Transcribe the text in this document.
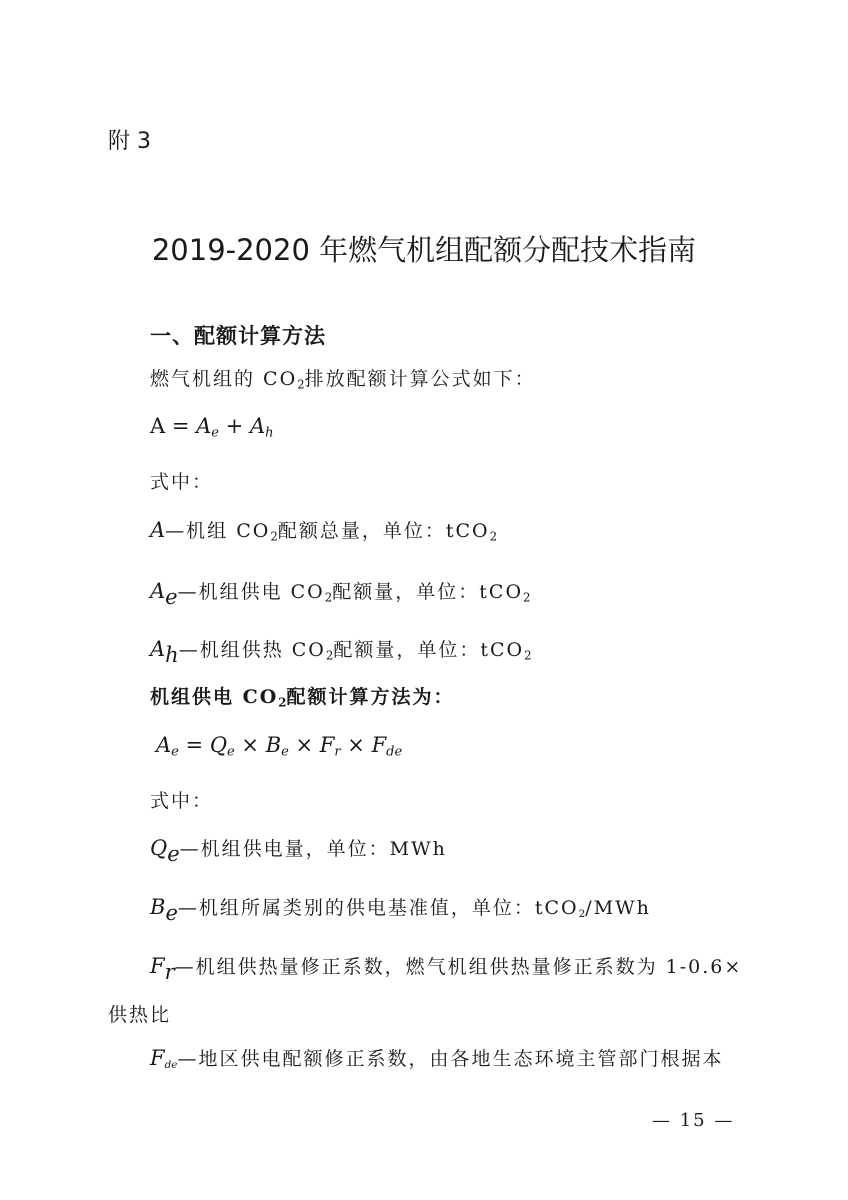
附 3
2019-2020 年燃气机组配额分配技术指南
一、配额计算方法
燃气机组的 $CO_2$排放配额计算公式如下：
$A = A_e + A_h$
式中：
A—机组 $CO_2$配额总量，单位：tCO$_2$
$A_e—$机组供电 $CO_2$配额量，单位：tCO$_2$
$A_h—$机组供热 $CO_2$配额量，单位：tCO$_2$
机组供电 $CO_2$配额计算方法为：
$A_e = Q_e \times B_e \times F_r \times F_{de}$
式中：
$Q_e—$机组供电量，单位：MWh
$B_e—$机组所属类别的供电基准值，单位：tCO$_2$/MWh
$F_r—$机组供热量修正系数，燃气机组供热量修正系数为 1-0.6×
供热比
$F_{de}—$地区供电配额修正系数，由各地生态环境主管部门根据本
— 15 —
